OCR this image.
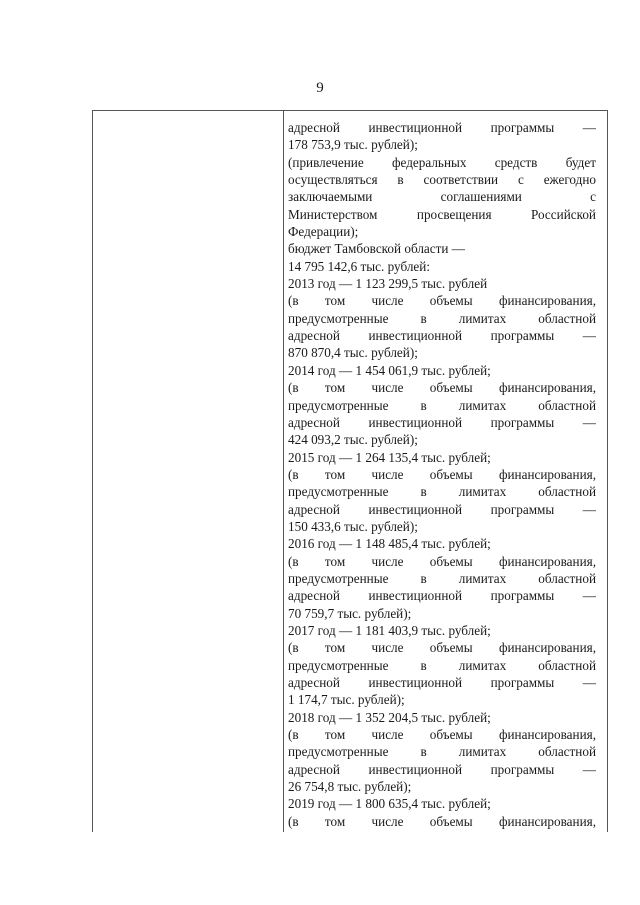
9
адресной инвестиционной программы —
178 753,9 тыс. рублей);
(привлечение федеральных средств будет
осуществляться в соответствии с ежегодно
заключаемыми соглашениями с
Министерством просвещения Российской
Федерации);
бюджет Тамбовской области —
14 795 142,6 тыс. рублей:
2013 год — 1 123 299,5 тыс. рублей
(в том числе объемы финансирования,
предусмотренные в лимитах областной
адресной инвестиционной программы —
870 870,4 тыс. рублей);
2014 год — 1 454 061,9 тыс. рублей;
(в том числе объемы финансирования,
предусмотренные в лимитах областной
адресной инвестиционной программы —
424 093,2 тыс. рублей);
2015 год — 1 264 135,4 тыс. рублей;
(в том числе объемы финансирования,
предусмотренные в лимитах областной
адресной инвестиционной программы —
150 433,6 тыс. рублей);
2016 год — 1 148 485,4 тыс. рублей;
(в том числе объемы финансирования,
предусмотренные в лимитах областной
адресной инвестиционной программы —
70 759,7 тыс. рублей);
2017 год — 1 181 403,9 тыс. рублей;
(в том числе объемы финансирования,
предусмотренные в лимитах областной
адресной инвестиционной программы —
1 174,7 тыс. рублей);
2018 год — 1 352 204,5 тыс. рублей;
(в том числе объемы финансирования,
предусмотренные в лимитах областной
адресной инвестиционной программы —
26 754,8 тыс. рублей);
2019 год — 1 800 635,4 тыс. рублей;
(в том числе объемы финансирования,
